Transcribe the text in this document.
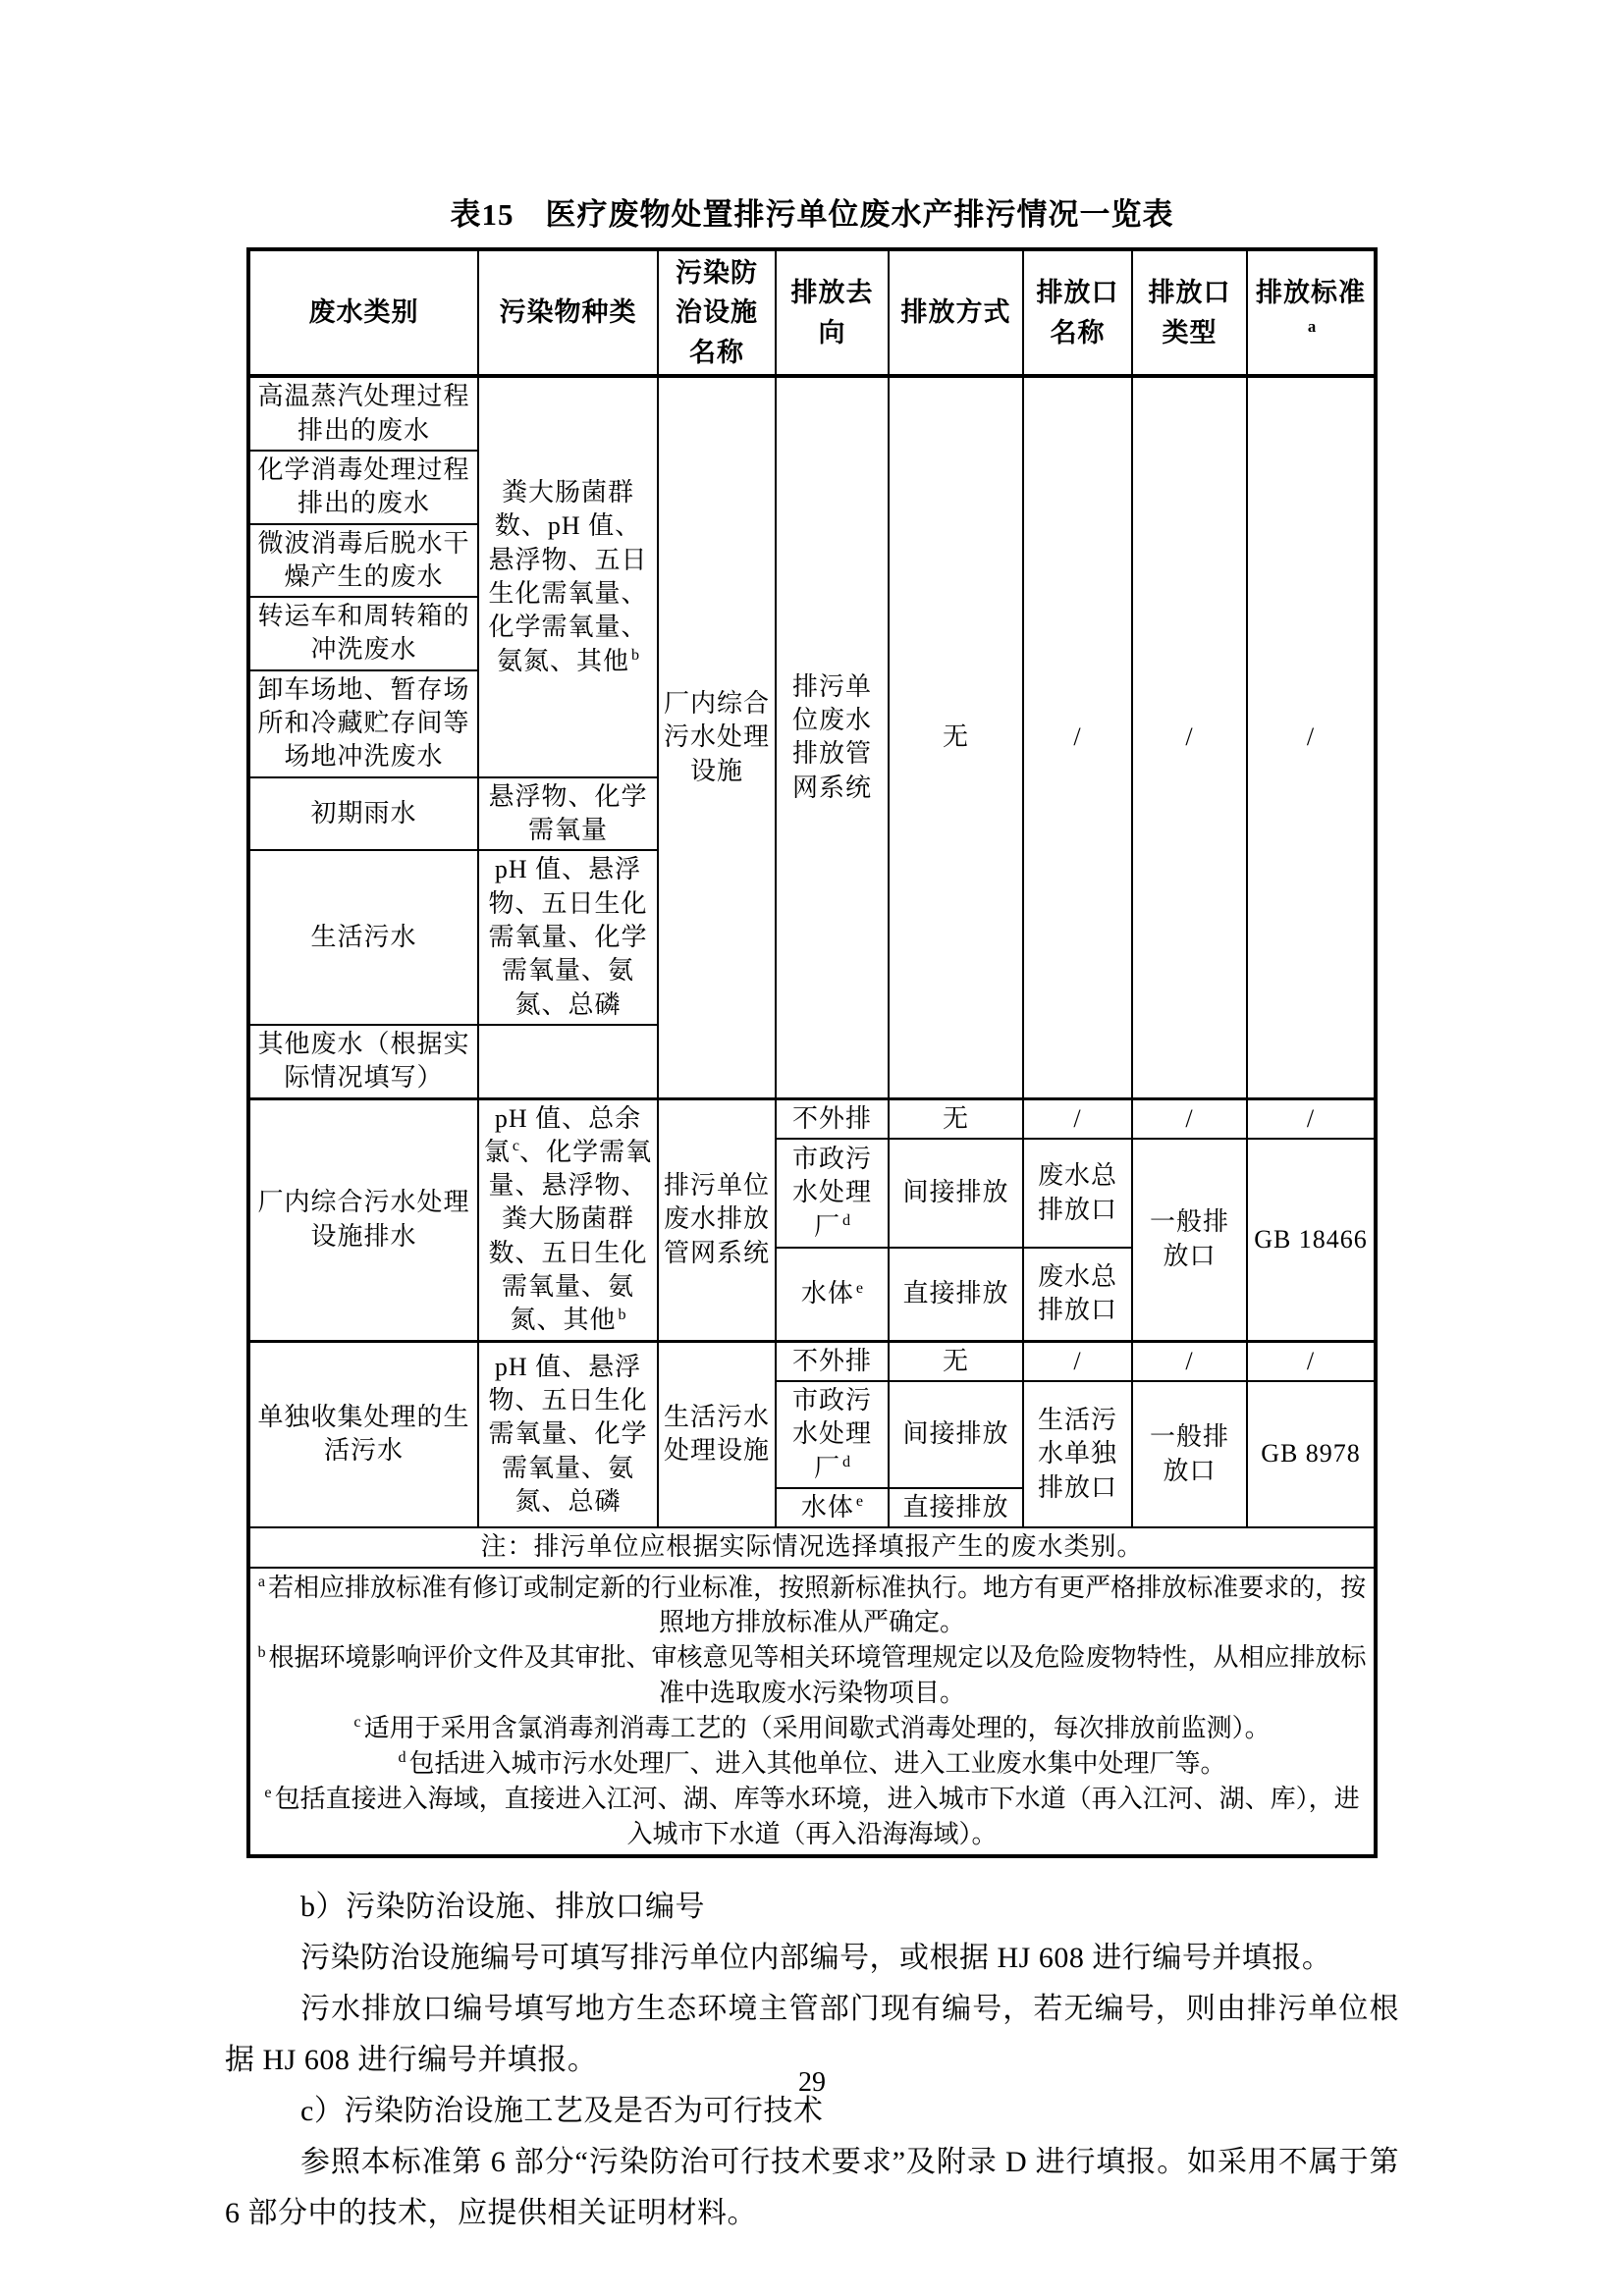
表15　医疗废物处置排污单位废水产排污情况一览表
废水类别	污染物种类	污染防治设施名称	排放去向	排放方式	排放口名称	排放口类型	排放标准$^a$
高温蒸汽处理过程排出的废水	粪大肠菌群数、pH 值、悬浮物、五日生化需氧量、化学需氧量、氨氮、其他 $^b$	厂内综合污水处理设施	排污单位废水排放管网系统	无	/	/	/
化学消毒处理过程排出的废水							
微波消毒后脱水干燥产生的废水							
转运车和周转箱的冲洗废水							
卸车场地、暂存场所和冷藏贮存间等场地冲洗废水							
初期雨水	悬浮物、化学需氧量						
生活污水	pH 值、悬浮物、五日生化需氧量、化学需氧量、氨氮、总磷						
其他废水（根据实际情况填写）							
厂内综合污水处理设施排水	pH 值、总余氯 $^c$、化学需氧量、悬浮物、粪大肠菌群数、五日生化需氧量、氨氮、其他 $^b$	排污单位废水排放管网系统	不外排	无	/	/	/
			市政污水处理厂 $^d$	间接排放	废水总排放口	一般排放口	GB 18466
			水体 $^e$	直接排放	废水总排放口		
单独收集处理的生活污水	pH 值、悬浮物、五日生化需氧量、化学需氧量、氨氮、总磷	生活污水处理设施	不外排	无	/	/	/
			市政污水处理厂 $^d$	间接排放	生活污水单独排放口	一般排放口	GB 8978
			水体 $^e$	直接排放			
注：排污单位应根据实际情况选择填报产生的废水类别。							

$^a$ 若相应排放标准有修订或制定新的行业标准，按照新标准执行。地方有更严格排放标准要求的，按照地方排放标准从严确定。
$^b$ 根据环境影响评价文件及其审批、审核意见等相关环境管理规定以及危险废物特性，从相应排放标准中选取废水污染物项目。
$^c$ 适用于采用含氯消毒剂消毒工艺的（采用间歇式消毒处理的，每次排放前监测）。
$^d$ 包括进入城市污水处理厂、进入其他单位、进入工业废水集中处理厂等。
$^e$ 包括直接进入海域，直接进入江河、湖、库等水环境，进入城市下水道（再入江河、湖、库），进入城市下水道（再入沿海海域）。							

b）污染防治设施、排放口编号

污染防治设施编号可填写排污单位内部编号，或根据 HJ 608 进行编号并填报。

污水排放口编号填写地方生态环境主管部门现有编号，若无编号，则由排污单位根据 HJ 608 进行编号并填报。

c）污染防治设施工艺及是否为可行技术

参照本标准第 6 部分“污染防治可行技术要求”及附录 D 进行填报。如采用不属于第 6 部分中的技术，应提供相关证明材料。

29
